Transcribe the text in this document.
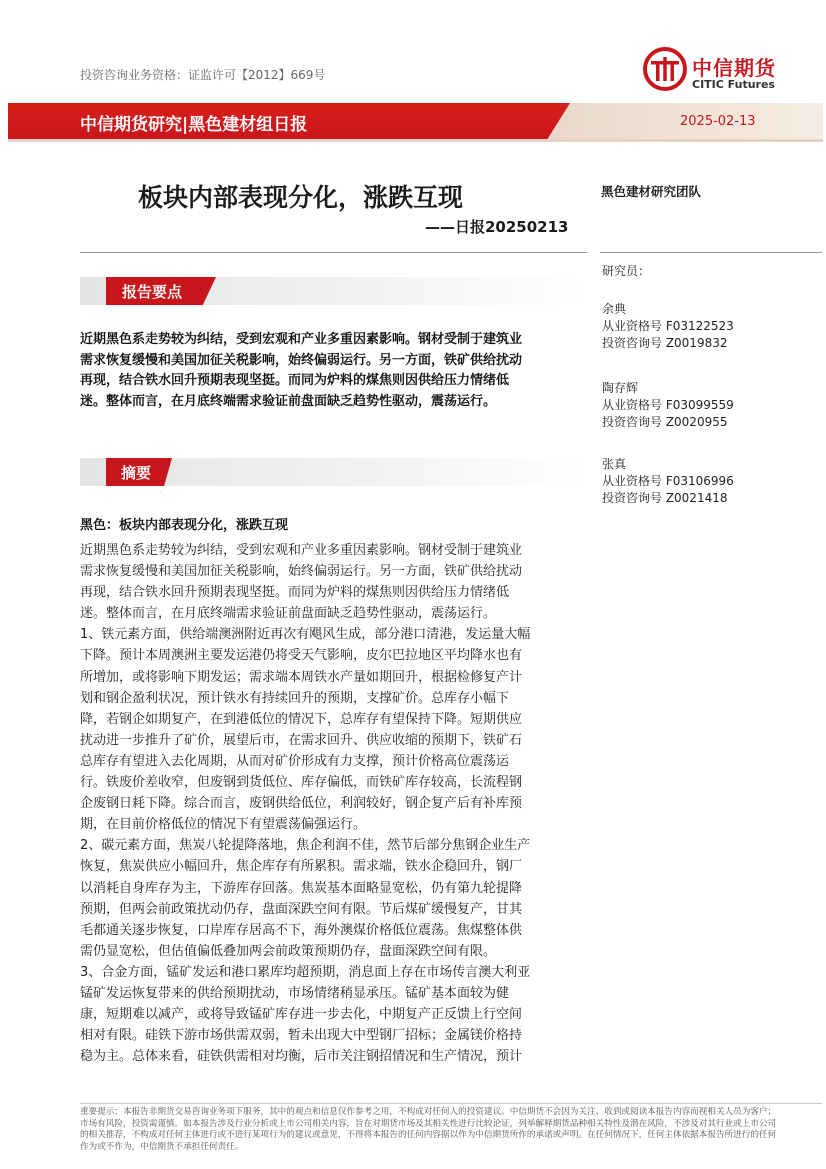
投资咨询业务资格：证监许可【2012】669号	中信期货
CITIC Futures
中信期货研究|黑色建材组日报	2025-02-13
板块内部表现分化，涨跌互现
——日报20250213
报告要点
近期黑色系走势较为纠结，受到宏观和产业多重因素影响。钢材受制于建筑业
需求恢复缓慢和美国加征关税影响，始终偏弱运行。另一方面，铁矿供给扰动
再现，结合铁水回升预期表现坚挺。而同为炉料的煤焦则因供给压力情绪低
迷。整体而言，在月底终端需求验证前盘面缺乏趋势性驱动，震荡运行。
摘要
黑色：板块内部表现分化，涨跌互现

近期黑色系走势较为纠结，受到宏观和产业多重因素影响。钢材受制于建筑业

需求恢复缓慢和美国加征关税影响，始终偏弱运行。另一方面，铁矿供给扰动

再现，结合铁水回升预期表现坚挺。而同为炉料的煤焦则因供给压力情绪低

迷。整体而言，在月底终端需求验证前盘面缺乏趋势性驱动，震荡运行。

1、铁元素方面，供给端澳洲附近再次有飓风生成，部分港口清港，发运量大幅

下降。预计本周澳洲主要发运港仍将受天气影响，皮尔巴拉地区平均降水也有

所增加，或将影响下期发运；需求端本周铁水产量如期回升，根据检修复产计

划和钢企盈利状况，预计铁水有持续回升的预期，支撑矿价。总库存小幅下

降，若钢企如期复产，在到港低位的情况下，总库存有望保持下降。短期供应

扰动进一步推升了矿价，展望后市，在需求回升、供应收缩的预期下，铁矿石

总库存有望进入去化周期，从而对矿价形成有力支撑，预计价格高位震荡运

行。铁废价差收窄，但废钢到货低位、库存偏低，而铁矿库存较高，长流程钢

企废钢日耗下降。综合而言，废钢供给低位，利润较好，钢企复产后有补库预

期，在目前价格低位的情况下有望震荡偏强运行。

2、碳元素方面，焦炭八轮提降落地，焦企利润不佳，然节后部分焦钢企业生产

恢复，焦炭供应小幅回升，焦企库存有所累积。需求端，铁水企稳回升，钢厂

以消耗自身库存为主，下游库存回落。焦炭基本面略显宽松，仍有第九轮提降

预期，但两会前政策扰动仍存，盘面深跌空间有限。节后煤矿缓慢复产，甘其

毛都通关逐步恢复，口岸库存居高不下，海外澳煤价格低位震荡。焦煤整体供

需仍显宽松，但估值偏低叠加两会前政策预期仍存，盘面深跌空间有限。

3、合金方面，锰矿发运和港口累库均超预期，消息面上存在市场传言澳大利亚

锰矿发运恢复带来的供给预期扰动，市场情绪稍显承压。锰矿基本面较为健

康，短期难以减产，或将导致锰矿库存进一步去化，中期复产正反馈上行空间

相对有限。硅铁下游市场供需双弱，暂未出现大中型钢厂招标；金属镁价格持

稳为主。总体来看，硅铁供需相对均衡，后市关注钢招情况和生产情况，预计

黑色建材研究团队
研究员：
余典
从业资格号 F03122523
投资咨询号 Z0019832
陶存辉
从业资格号 F03099559
投资咨询号 Z0020955
张真
从业资格号 F03106996
投资咨询号 Z0021418
重要提示：本报告非期货交易咨询业务项下服务，其中的观点和信息仅作参考之用，不构成对任何人的投资建议。中信期货不会因为关注、收到或阅读本报告内容而视相关人员为客户；市场有风险，投资需谨慎。如本报告涉及行业分析或上市公司相关内容，旨在对期货市场及其相关性进行比较论证，列举解释期货品种相关特性及潜在风险，不涉及对其行业或上市公司的相关推荐，不构成对任何主体进行或不进行某项行为的建议或意见，不得将本报告的任何内容据以作为中信期货所作的承诺或声明。在任何情况下，任何主体依据本报告所进行的任何作为或不作为，中信期货不承担任何责任。
